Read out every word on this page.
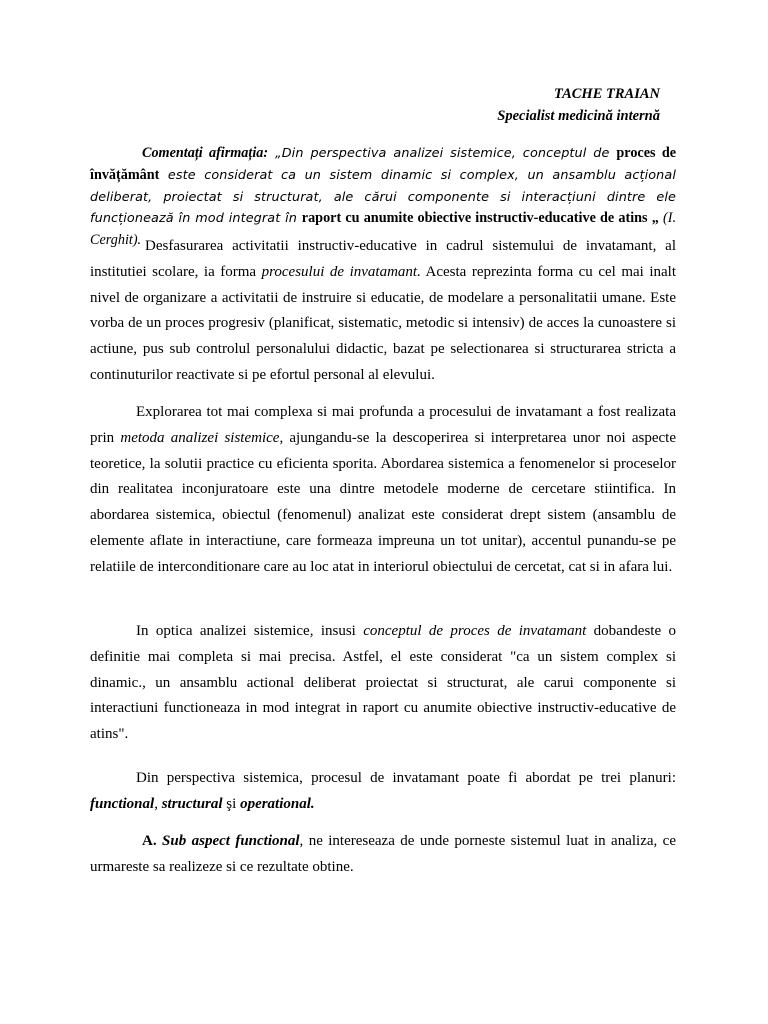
TACHE TRAIAN
Specialist medicină internă

Comentați afirmația: „Din perspectiva analizei sistemice, conceptul de proces de învățământ este considerat ca un sistem dinamic si complex, un ansamblu acțional deliberat, proiectat si structurat, ale cărui componente si interacțiuni dintre ele funcționează în mod integrat în raport cu anumite obiective instructiv-educative de atins „ (I. Cerghit). Desfasurarea activitatii instructiv-educative in cadrul sistemului de invatamant, al institutiei scolare, ia forma procesului de invatamant. Acesta reprezinta forma cu cel mai inalt nivel de organizare a activitatii de instruire si educatie, de modelare a personalitatii umane. Este vorba de un proces progresiv (planificat, sistematic, metodic si intensiv) de acces la cunoastere si actiune, pus sub controlul personalului didactic, bazat pe selectionarea si structurarea stricta a continuturilor reactivate si pe efortul personal al elevului.

Explorarea tot mai complexa si mai profunda a procesului de invatamant a fost realizata prin metoda analizei sistemice, ajungandu-se la descoperirea si interpretarea unor noi aspecte teoretice, la solutii practice cu eficienta sporita. Abordarea sistemica a fenomenelor si proceselor din realitatea inconjuratoare este una dintre metodele moderne de cercetare stiintifica. In abordarea sistemica, obiectul (fenomenul) analizat este considerat drept sistem (ansamblu de elemente aflate in interactiune, care formeaza impreuna un tot unitar), accentul punandu-se pe relatiile de interconditionare care au loc atat in interiorul obiectului de cercetat, cat si in afara lui.

In optica analizei sistemice, insusi conceptul de proces de invatamant dobandeste o definitie mai completa si mai precisa. Astfel, el este considerat "ca un sistem complex si dinamic., un ansamblu actional deliberat proiectat si structurat, ale carui componente si interactiuni functioneaza in mod integrat in raport cu anumite obiective instructiv-educative de atins".

Din perspectiva sistemica, procesul de invatamant poate fi abordat pe trei planuri: functional, structural şi operational.

A. Sub aspect functional, ne intereseaza de unde porneste sistemul luat in analiza, ce urmareste sa realizeze si ce rezultate obtine.
